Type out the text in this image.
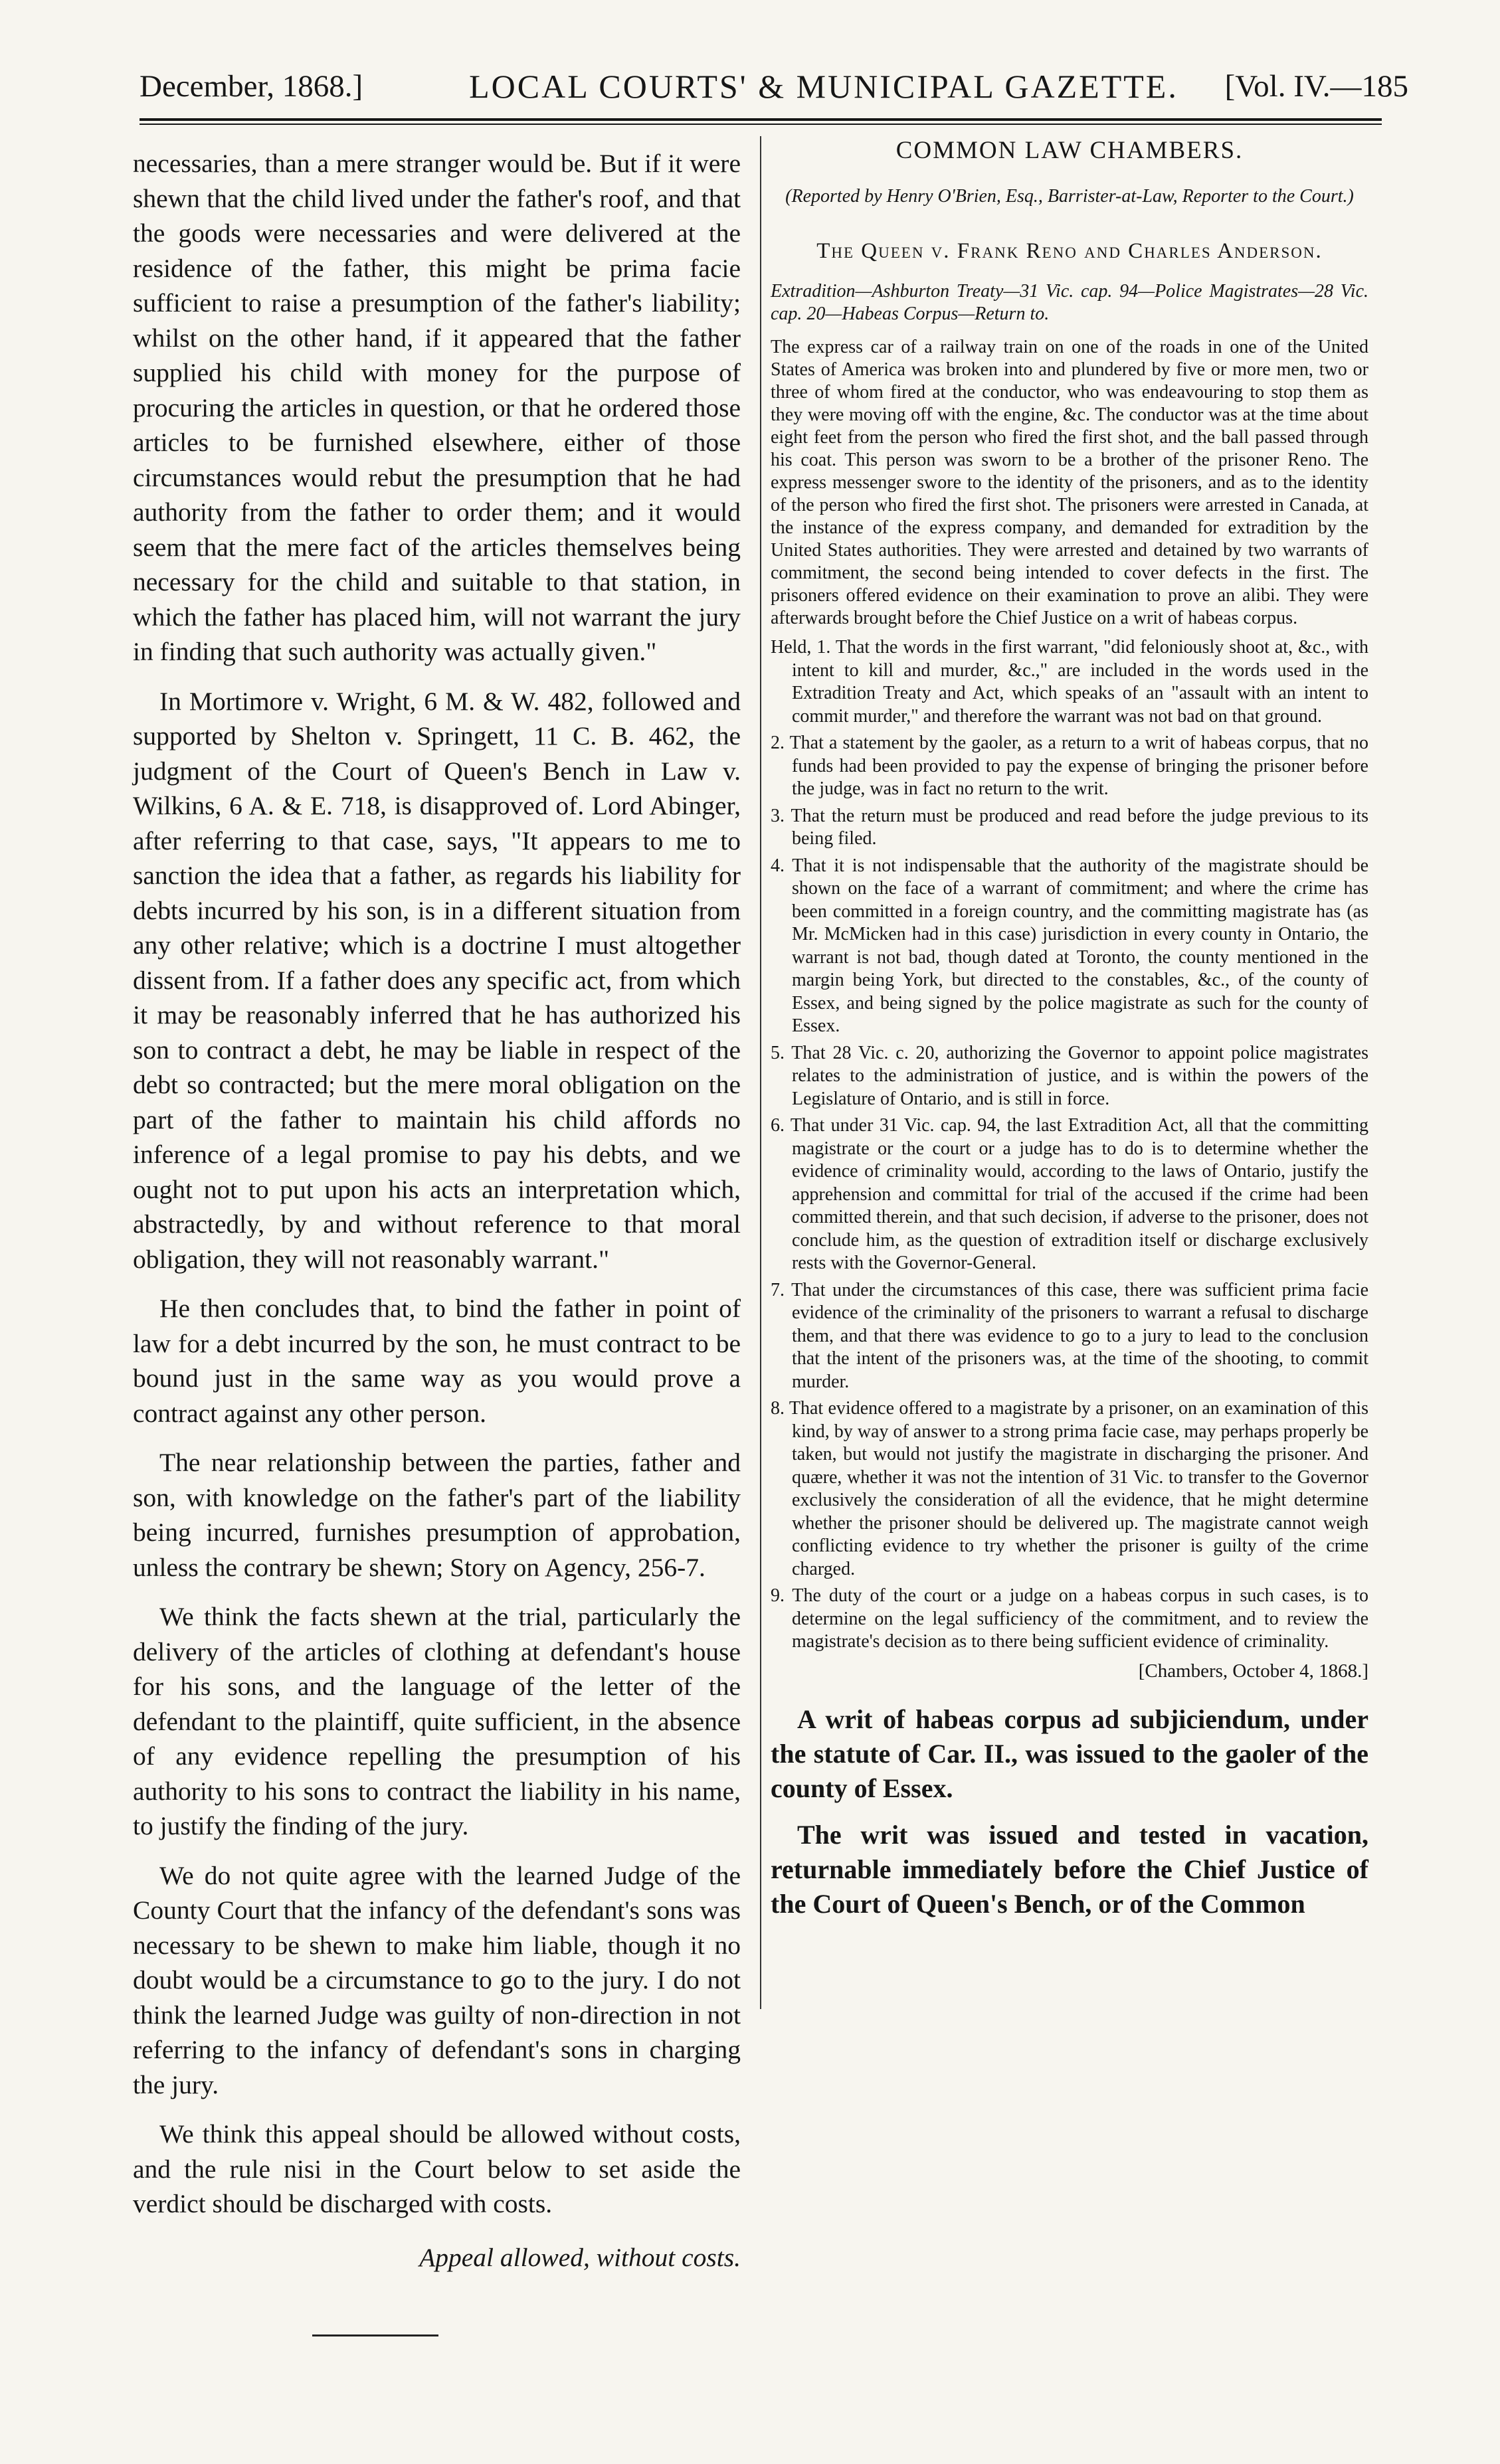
December, 1868.]	LOCAL COURTS' & MUNICIPAL GAZETTE.	[Vol. IV.—185

necessaries, than a mere stranger would be. But if it were shewn that the child lived under the father's roof, and that the goods were necessaries and were delivered at the residence of the father, this might be prima facie sufficient to raise a presumption of the father's liability; whilst on the other hand, if it appeared that the father supplied his child with money for the purpose of procuring the articles in question, or that he ordered those articles to be furnished elsewhere, either of those circumstances would rebut the presumption that he had authority from the father to order them; and it would seem that the mere fact of the articles themselves being necessary for the child and suitable to that station, in which the father has placed him, will not warrant the jury in finding that such authority was actually given."

In Mortimore v. Wright, 6 M. & W. 482, followed and supported by Shelton v. Springett, 11 C. B. 462, the judgment of the Court of Queen's Bench in Law v. Wilkins, 6 A. & E. 718, is disapproved of. Lord Abinger, after referring to that case, says, "It appears to me to sanction the idea that a father, as regards his liability for debts incurred by his son, is in a different situation from any other relative; which is a doctrine I must altogether dissent from. If a father does any specific act, from which it may be reasonably inferred that he has authorized his son to contract a debt, he may be liable in respect of the debt so contracted; but the mere moral obligation on the part of the father to maintain his child affords no inference of a legal promise to pay his debts, and we ought not to put upon his acts an interpretation which, abstractedly, by and without reference to that moral obligation, they will not reasonably warrant."

He then concludes that, to bind the father in point of law for a debt incurred by the son, he must contract to be bound just in the same way as you would prove a contract against any other person.

The near relationship between the parties, father and son, with knowledge on the father's part of the liability being incurred, furnishes presumption of approbation, unless the contrary be shewn; Story on Agency, 256-7.

We think the facts shewn at the trial, particularly the delivery of the articles of clothing at defendant's house for his sons, and the language of the letter of the defendant to the plaintiff, quite sufficient, in the absence of any evidence repelling the presumption of his authority to his sons to contract the liability in his name, to justify the finding of the jury.

We do not quite agree with the learned Judge of the County Court that the infancy of the defendant's sons was necessary to be shewn to make him liable, though it no doubt would be a circumstance to go to the jury. I do not think the learned Judge was guilty of non-direction in not referring to the infancy of defendant's sons in charging the jury.

We think this appeal should be allowed without costs, and the rule nisi in the Court below to set aside the verdict should be discharged with costs.

Appeal allowed, without costs.

COMMON LAW CHAMBERS.
(Reported by Henry O'Brien, Esq., Barrister-at-Law, Reporter to the Court.)
The Queen v. Frank Reno and Charles Anderson.
Extradition—Ashburton Treaty—31 Vic. cap. 94—Police Magistrates—28 Vic. cap. 20—Habeas Corpus—Return to.
The express car of a railway train on one of the roads in one of the United States of America was broken into and plundered by five or more men, two or three of whom fired at the conductor, who was endeavouring to stop them as they were moving off with the engine, &c. The conductor was at the time about eight feet from the person who fired the first shot, and the ball passed through his coat. This person was sworn to be a brother of the prisoner Reno. The express messenger swore to the identity of the prisoners, and as to the identity of the person who fired the first shot. The prisoners were arrested in Canada, at the instance of the express company, and demanded for extradition by the United States authorities. They were arrested and detained by two warrants of commitment, the second being intended to cover defects in the first. The prisoners offered evidence on their examination to prove an alibi. They were afterwards brought before the Chief Justice on a writ of habeas corpus.
Held, 1. That the words in the first warrant, "did feloniously shoot at, &c., with intent to kill and murder, &c.," are included in the words used in the Extradition Treaty and Act, which speaks of an "assault with an intent to commit murder," and therefore the warrant was not bad on that ground.
2. That a statement by the gaoler, as a return to a writ of habeas corpus, that no funds had been provided to pay the expense of bringing the prisoner before the judge, was in fact no return to the writ.
3. That the return must be produced and read before the judge previous to its being filed.
4. That it is not indispensable that the authority of the magistrate should be shown on the face of a warrant of commitment; and where the crime has been committed in a foreign country, and the committing magistrate has (as Mr. McMicken had in this case) jurisdiction in every county in Ontario, the warrant is not bad, though dated at Toronto, the county mentioned in the margin being York, but directed to the constables, &c., of the county of Essex, and being signed by the police magistrate as such for the county of Essex.
5. That 28 Vic. c. 20, authorizing the Governor to appoint police magistrates relates to the administration of justice, and is within the powers of the Legislature of Ontario, and is still in force.
6. That under 31 Vic. cap. 94, the last Extradition Act, all that the committing magistrate or the court or a judge has to do is to determine whether the evidence of criminality would, according to the laws of Ontario, justify the apprehension and committal for trial of the accused if the crime had been committed therein, and that such decision, if adverse to the prisoner, does not conclude him, as the question of extradition itself or discharge exclusively rests with the Governor-General.
7. That under the circumstances of this case, there was sufficient prima facie evidence of the criminality of the prisoners to warrant a refusal to discharge them, and that there was evidence to go to a jury to lead to the conclusion that the intent of the prisoners was, at the time of the shooting, to commit murder.
8. That evidence offered to a magistrate by a prisoner, on an examination of this kind, by way of answer to a strong prima facie case, may perhaps properly be taken, but would not justify the magistrate in discharging the prisoner. And quære, whether it was not the intention of 31 Vic. to transfer to the Governor exclusively the consideration of all the evidence, that he might determine whether the prisoner should be delivered up. The magistrate cannot weigh conflicting evidence to try whether the prisoner is guilty of the crime charged.
9. The duty of the court or a judge on a habeas corpus in such cases, is to determine on the legal sufficiency of the commitment, and to review the magistrate's decision as to there being sufficient evidence of criminality.
[Chambers, October 4, 1868.]

A writ of habeas corpus ad subjiciendum, under the statute of Car. II., was issued to the gaoler of the county of Essex.

The writ was issued and tested in vacation, returnable immediately before the Chief Justice of the Court of Queen's Bench, or of the Common
